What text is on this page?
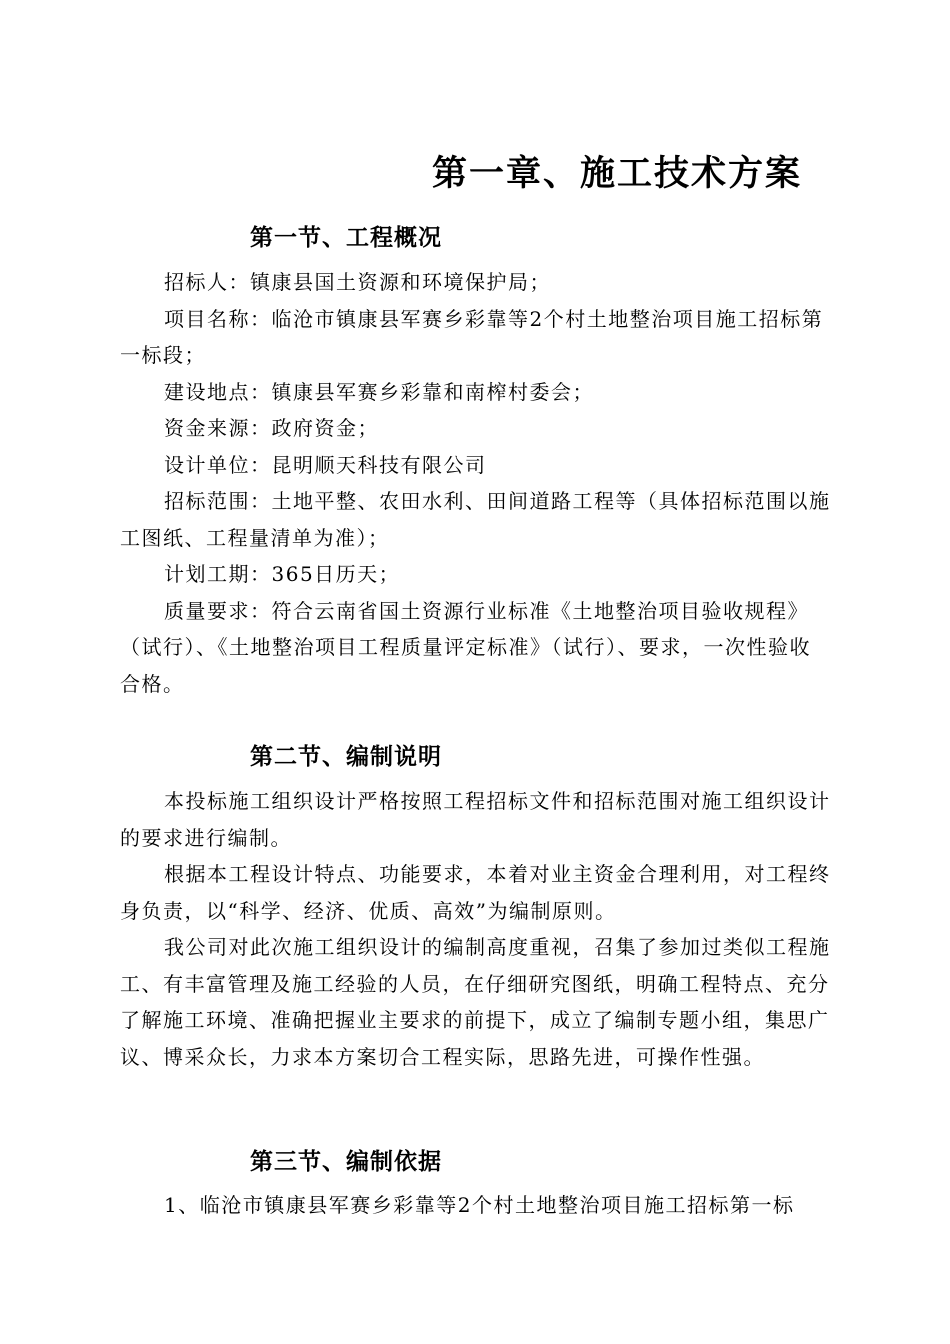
第一章、施工技术方案
第一节、工程概况

招标人：镇康县国土资源和环境保护局；

项目名称：临沧市镇康县军赛乡彩靠等2个村土地整治项目施工招标第一标段；

建设地点：镇康县军赛乡彩靠和南榨村委会；

资金来源：政府资金；

设计单位：昆明顺天科技有限公司

招标范围：土地平整、农田水利、田间道路工程等（具体招标范围以施工图纸、工程量清单为准）；

计划工期：365日历天；

质量要求：符合云南省国土资源行业标准《土地整治项目验收规程》（试行）、《土地整治项目工程质量评定标准》（试行）、要求，一次性验收合格。

第二节、编制说明

本投标施工组织设计严格按照工程招标文件和招标范围对施工组织设计的要求进行编制。

根据本工程设计特点、功能要求，本着对业主资金合理利用，对工程终身负责，以“科学、经济、优质、高效”为编制原则。

我公司对此次施工组织设计的编制高度重视，召集了参加过类似工程施工、有丰富管理及施工经验的人员，在仔细研究图纸，明确工程特点、充分了解施工环境、准确把握业主要求的前提下，成立了编制专题小组，集思广议、博采众长，力求本方案切合工程实际，思路先进，可操作性强。

第三节、编制依据

1、临沧市镇康县军赛乡彩靠等2个村土地整治项目施工招标第一标
